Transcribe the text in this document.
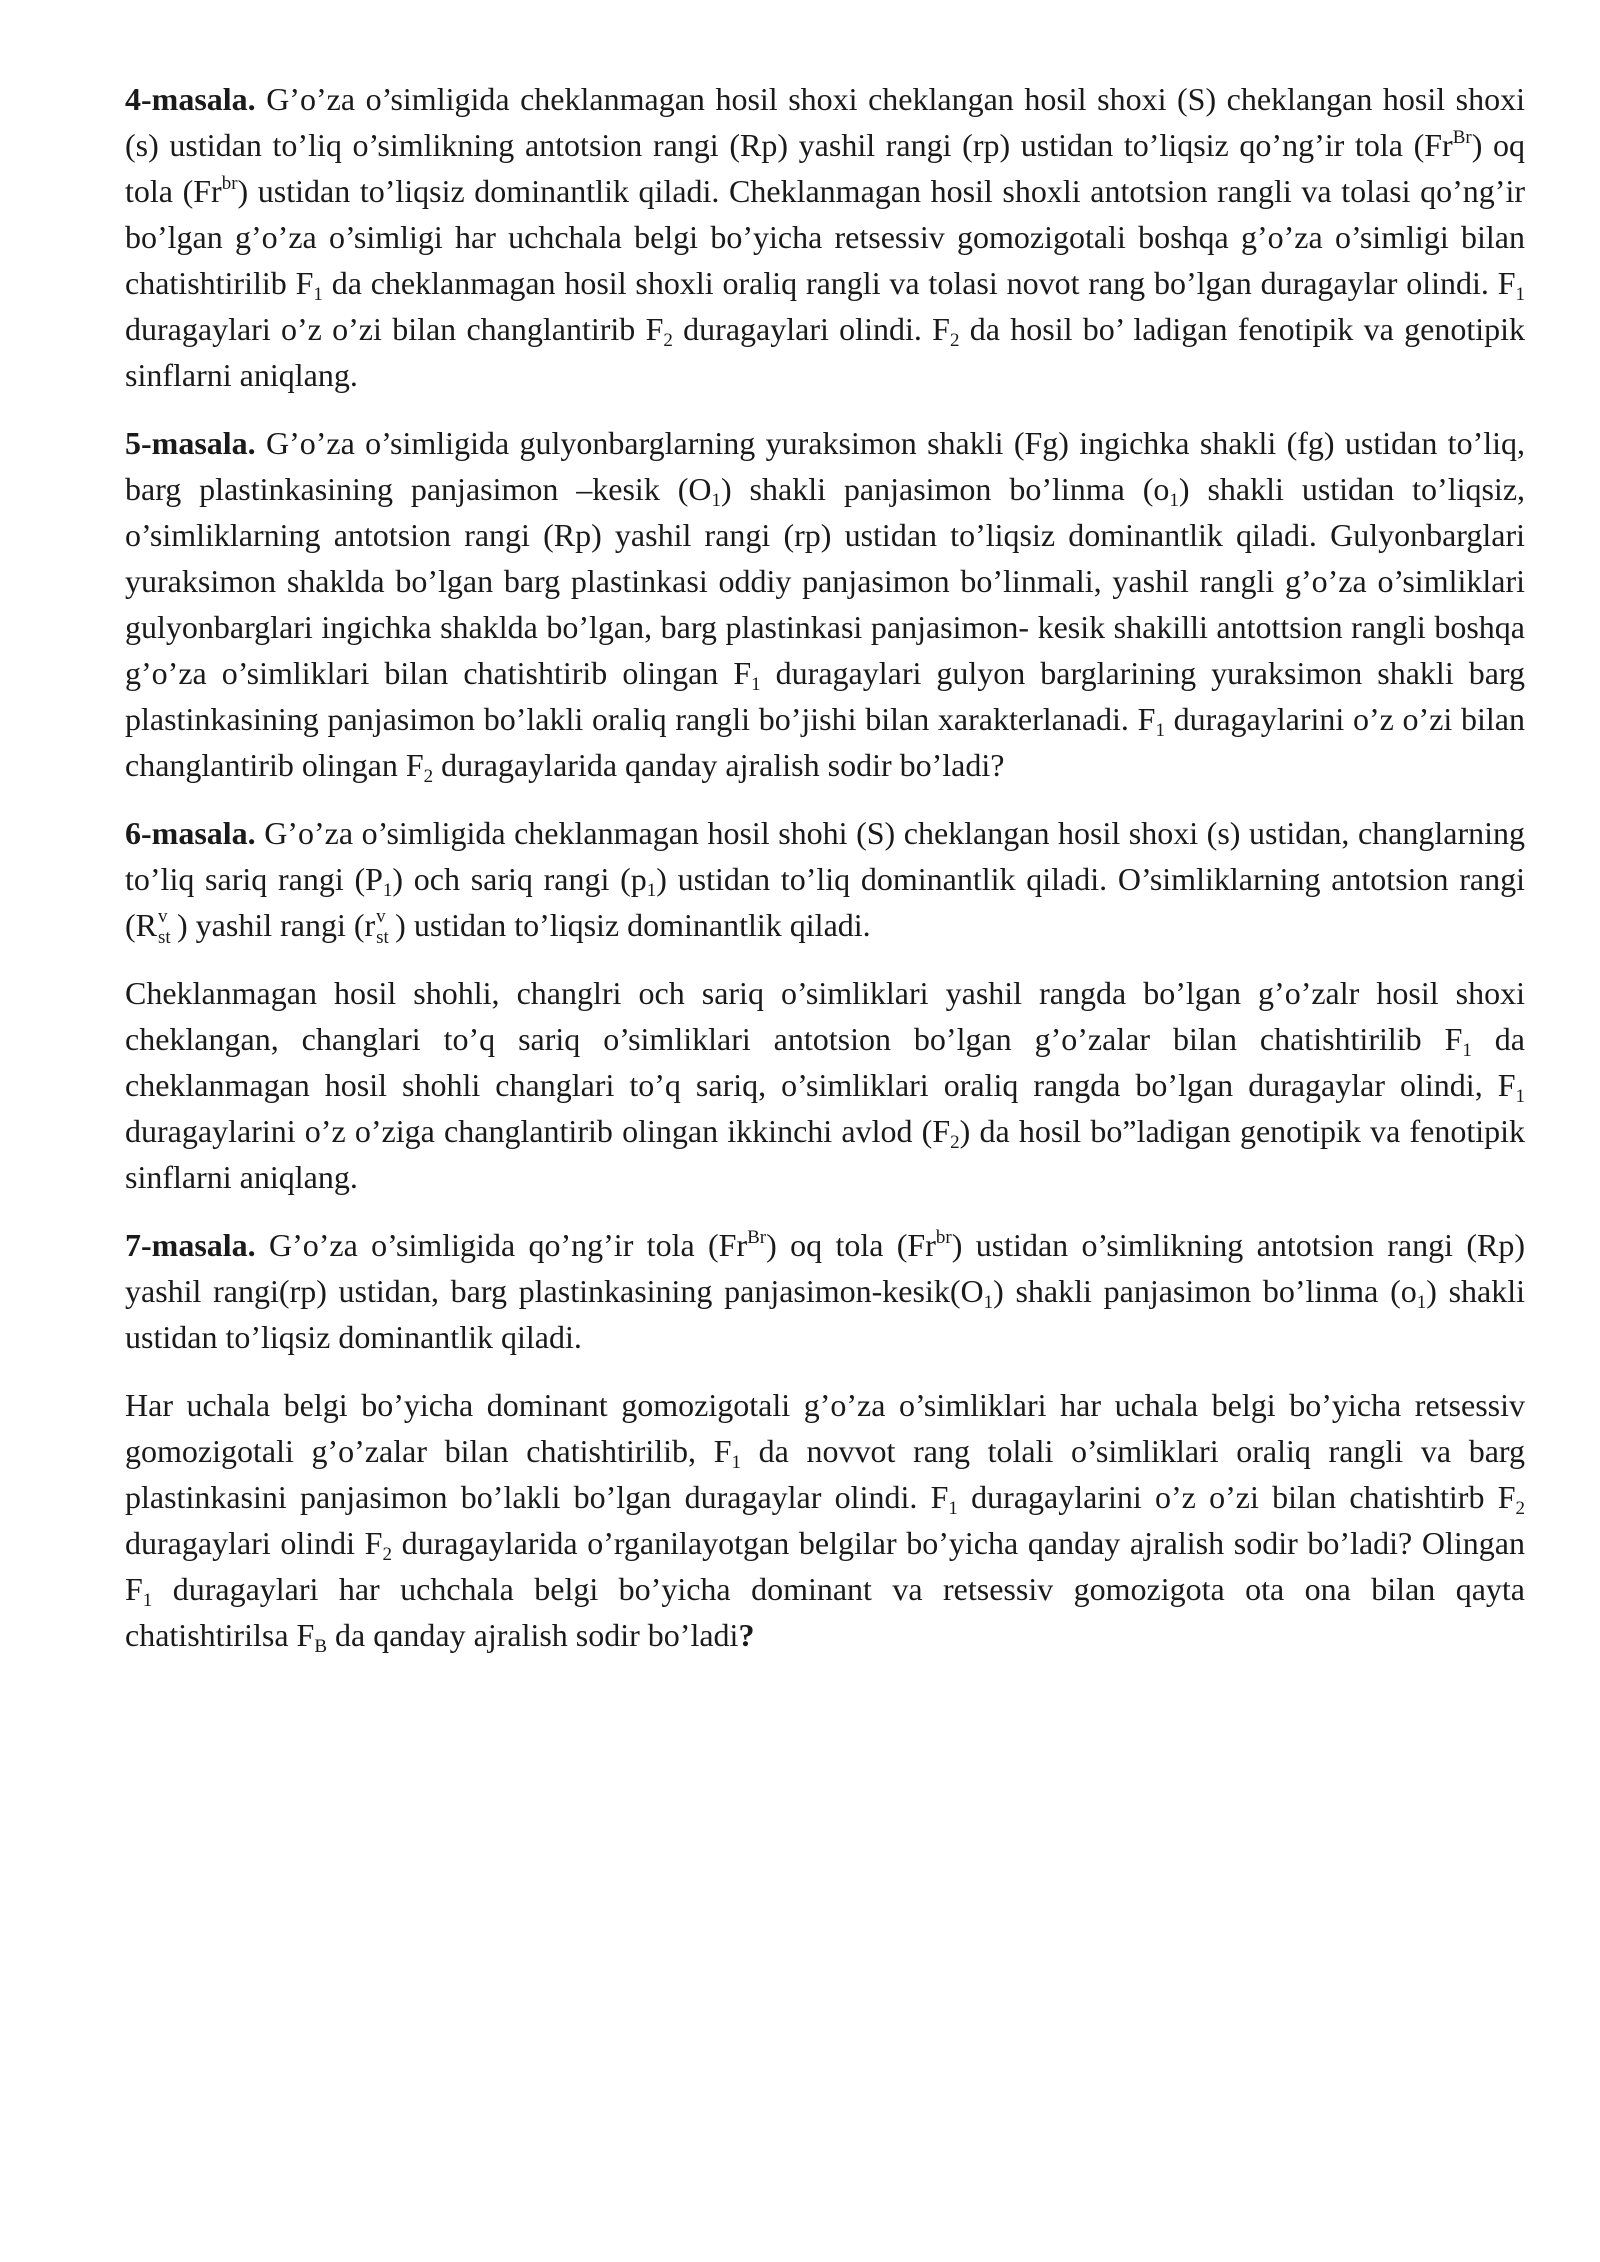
4-masala. G’o’za o’simligida cheklanmagan hosil shoxi cheklangan hosil shoxi (S) cheklangan hosil shoxi (s) ustidan to’liq o’simlikning antotsion rangi (Rp) yashil rangi (rp) ustidan to’liqsiz qo’ng’ir tola $(Fr^{Br})$ oq tola $(Fr^{br})$ ustidan to’liqsiz dominantlik qiladi. Cheklanmagan hosil shoxli antotsion rangli va tolasi qo’ng’ir bo’lgan g’o’za o’simligi har uchchala belgi bo’yicha retsessiv gomozigotali boshqa g’o’za o’simligi bilan chatishtirilib $F_1$ da cheklanmagan hosil shoxli oraliq rangli va tolasi novot rang bo’lgan duragaylar olindi. $F_1$ duragaylari o’z o’zi bilan changlantirib $F_2$ duragaylari olindi. $F_2$ da hosil bo’ ladigan fenotipik va genotipik sinflarni aniqlang.

5-masala. G’o’za o’simligida gulyonbarglarning yuraksimon shakli (Fg) ingichka shakli (fg) ustidan to’liq, barg plastinkasining panjasimon –kesik $(O_1)$ shakli panjasimon bo’linma $(o_1)$ shakli ustidan to’liqsiz, o’simliklarning antotsion rangi (Rp) yashil rangi (rp) ustidan to’liqsiz dominantlik qiladi. Gulyonbarglari yuraksimon shaklda bo’lgan barg plastinkasi oddiy panjasimon bo’linmali, yashil rangli g’o’za o’simliklari gulyonbarglari ingichka shaklda bo’lgan, barg plastinkasi panjasimon- kesik shakilli antottsion rangli boshqa g’o’za o’simliklari bilan chatishtirib olingan $F_1$ duragaylari gulyon barglarining yuraksimon shakli barg plastinkasining panjasimon bo’lakli oraliq rangli bo’jishi bilan xarakterlanadi. $F_1$ duragaylarini o’z o’zi bilan changlantirib olingan $F_2$ duragaylarida qanday ajralish sodir bo’ladi?

6-masala. G’o’za o’simligida cheklanmagan hosil shohi (S) cheklangan hosil shoxi (s) ustidan, changlarning to’liq sariq rangi $(P_1)$ och sariq rangi $(p_1)$ ustidan to’liq dominantlik qiladi. O’simliklarning antotsion rangi (R v
st ) yashil rangi (r v
st ) ustidan to’liqsiz dominantlik qiladi.

Cheklanmagan hosil shohli, changlri och sariq o’simliklari yashil rangda bo’lgan g’o’zalr hosil shoxi cheklangan, changlari to’q sariq o’simliklari antotsion bo’lgan g’o’zalar bilan chatishtirilib $F_1$ da cheklanmagan hosil shohli changlari to’q sariq, o’simliklari oraliq rangda bo’lgan duragaylar olindi, $F_1$ duragaylarini o’z o’ziga changlantirib olingan ikkinchi avlod $(F_2)$ da hosil bo”ladigan genotipik va fenotipik sinflarni aniqlang.

7-masala. G’o’za o’simligida qo’ng’ir tola $(Fr^{Br})$ oq tola $(Fr^{br})$ ustidan o’simlikning antotsion rangi (Rp) yashil rangi(rp) ustidan, barg plastinkasining panjasimon-$kesik(O_1)$ shakli panjasimon bo’linma $(o_1)$ shakli ustidan to’liqsiz dominantlik qiladi.

Har uchala belgi bo’yicha dominant gomozigotali g’o’za o’simliklari har uchala belgi bo’yicha retsessiv gomozigotali g’o’zalar bilan chatishtirilib, $F_1$ da novvot rang tolali o’simliklari oraliq rangli va barg plastinkasini panjasimon bo’lakli bo’lgan duragaylar olindi. $F_1$ duragaylarini o’z o’zi bilan chatishtirb $F_2$ duragaylari olindi $F_2$ duragaylarida o’rganilayotgan belgilar bo’yicha qanday ajralish sodir bo’ladi? Olingan $F_1$ duragaylari har uchchala belgi bo’yicha dominant va retsessiv gomozigota ota ona bilan qayta chatishtirilsa $F_B$ da qanday ajralish sodir bo’ladi?
